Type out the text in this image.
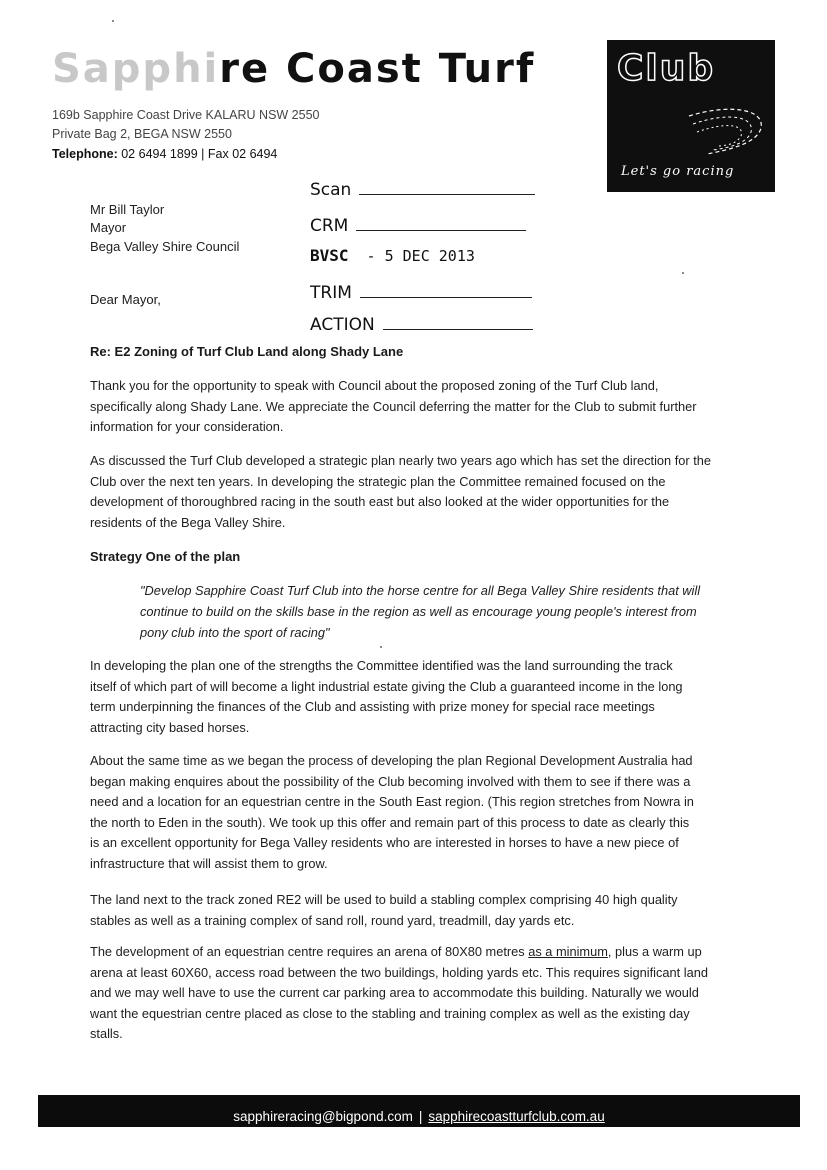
Sapphire Coast Turf
169b Sapphire Coast Drive KALARU NSW 2550
Private Bag 2, BEGA NSW 2550
Telephone: 02 6494 1899 | Fax 02 6494
Club
Let's go racing
Mr Bill Taylor
Mayor
Bega Valley Shire Council
Dear Mayor,
Scan
CRM
BVSC - 5 DEC 2013
TRIM
ACTION
Re: E2 Zoning of Turf Club Land along Shady Lane
Thank you for the opportunity to speak with Council about the proposed zoning of the Turf Club land,
specifically along Shady Lane. We appreciate the Council deferring the matter for the Club to submit further
information for your consideration.
As discussed the Turf Club developed a strategic plan nearly two years ago which has set the direction for the
Club over the next ten years. In developing the strategic plan the Committee remained focused on the
development of thoroughbred racing in the south east but also looked at the wider opportunities for the
residents of the Bega Valley Shire.
Strategy One of the plan
"Develop Sapphire Coast Turf Club into the horse centre for all Bega Valley Shire residents that will
continue to build on the skills base in the region as well as encourage young people's interest from
pony club into the sport of racing"
In developing the plan one of the strengths the Committee identified was the land surrounding the track
itself of which part of will become a light industrial estate giving the Club a guaranteed income in the long
term underpinning the finances of the Club and assisting with prize money for special race meetings
attracting city based horses.
About the same time as we began the process of developing the plan Regional Development Australia had
began making enquires about the possibility of the Club becoming involved with them to see if there was a
need and a location for an equestrian centre in the South East region. (This region stretches from Nowra in
the north to Eden in the south). We took up this offer and remain part of this process to date as clearly this
is an excellent opportunity for Bega Valley residents who are interested in horses to have a new piece of
infrastructure that will assist them to grow.
The land next to the track zoned RE2 will be used to build a stabling complex comprising 40 high quality
stables as well as a training complex of sand roll, round yard, treadmill, day yards etc.
The development of an equestrian centre requires an arena of 80X80 metres as a minimum, plus a warm up
arena at least 60X60, access road between the two buildings, holding yards etc. This requires significant land
and we may well have to use the current car parking area to accommodate this building. Naturally we would
want the equestrian centre placed as close to the stabling and training complex as well as the existing day
stalls.
sapphireracing@bigpond.com | sapphirecoastturfclub.com.au
